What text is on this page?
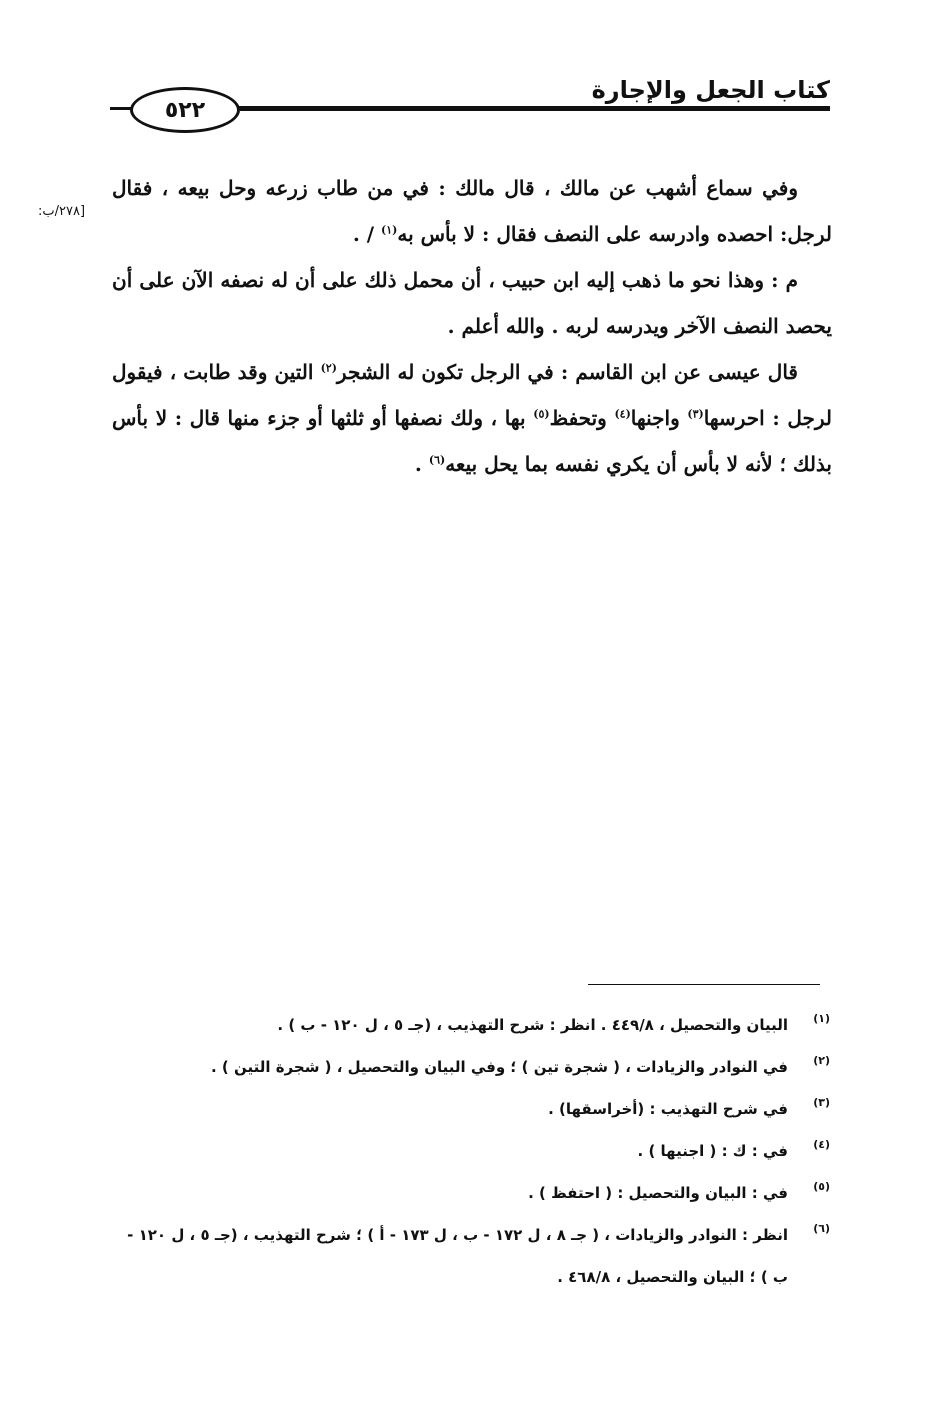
كتاب الجعل والإجارة
٥٢٢
[٢٧٨/ب:

وفي سماع أشهب عن مالك ، قال مالك : في من طاب زرعه وحل بيعه ، فقال لرجل: احصده وادرسه على النصف فقال : لا بأس به$^{(١)}$ / .

م : وهذا نحو ما ذهب إليه ابن حبيب ، أن محمل ذلك على أن له نصفه الآن على أن يحصد النصف الآخر ويدرسه لربه . والله أعلم .

قال عيسى عن ابن القاسم : في الرجل تكون له الشجر$^{(٢)}$ التين وقد طابت ، فيقول لرجل : احرسها$^{(٣)}$ واجنها$^{(٤)}$ وتحفظ$^{(٥)}$ بها ، ولك نصفها أو ثلثها أو جزء منها قال : لا بأس بذلك ؛ لأنه لا بأس أن يكري نفسه بما يحل بيعه$^{(٦)}$ .

(١)
البيان والتحصيل ، ٤٤٩/٨ . انظر : شرح التهذيب ، (جـ ٥ ، ل ١٢٠ - ب ) .
(٢)
في النوادر والزيادات ، ( شجرة تين ) ؛ وفي البيان والتحصيل ، ( شجرة التين ) .
(٣)
في شرح التهذيب : (أخراسقها) .
(٤)
في : ك : ( اجنيها ) .
(٥)
في : البيان والتحصيل : ( احتفظ ) .
(٦)
انظر : النوادر والزيادات ، ( جـ ٨ ، ل ١٧٢ - ب ، ل ١٧٣ - أ ) ؛ شرح التهذيب ، (جـ ٥ ، ل ١٢٠ - ب ) ؛ البيان والتحصيل ، ٤٦٨/٨ .
